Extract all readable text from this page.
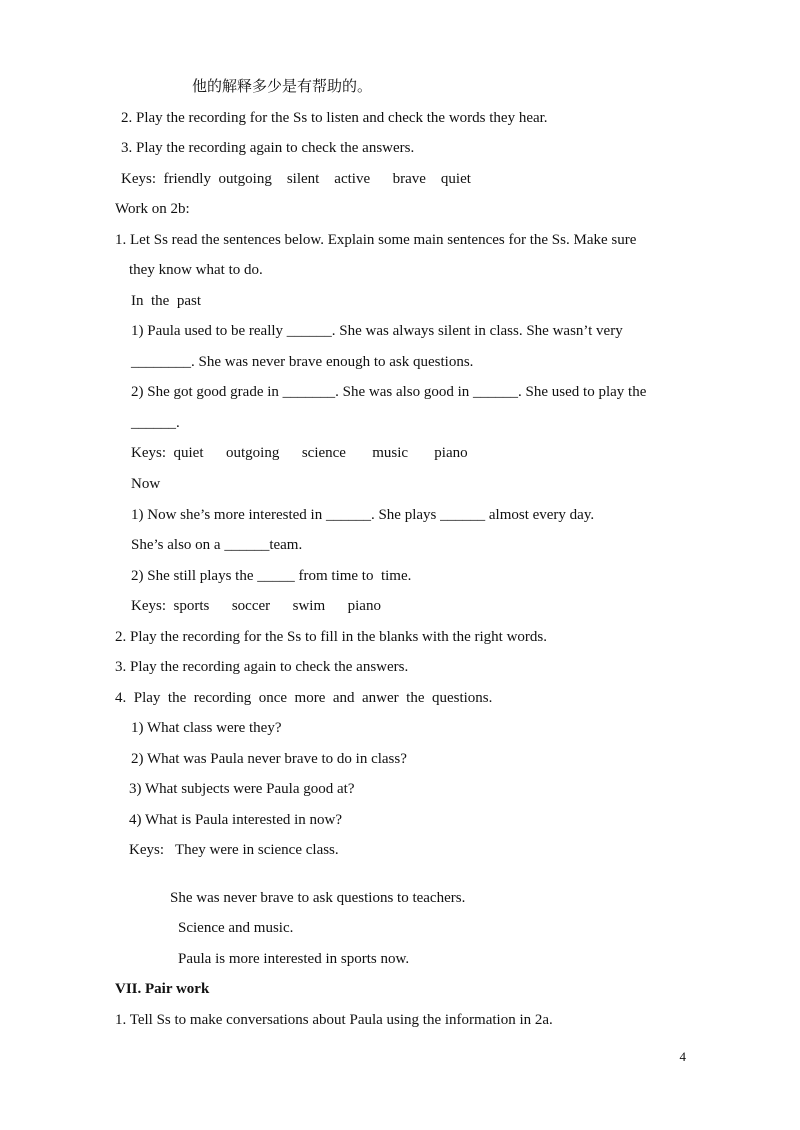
他的解释多少是有帮助的。
2. Play the recording for the Ss to listen and check the words they hear.
3. Play the recording again to check the answers.
Keys:  friendly  outgoing    silent    active      brave    quiet
Work on 2b:
1. Let Ss read the sentences below. Explain some main sentences for the Ss. Make sure
they know what to do.
In  the  past
1) Paula used to be really ______. She was always silent in class. She wasn’t very
________. She was never brave enough to ask questions.
2) She got good grade in _______. She was also good in ______. She used to play the
______.
Keys:  quiet      outgoing      science       music       piano
Now
1) Now she’s more interested in ______. She plays ______ almost every day.
She’s also on a ______team.
2) She still plays the _____ from time to  time.
Keys:  sports      soccer      swim      piano
2. Play the recording for the Ss to fill in the blanks with the right words.
3. Play the recording again to check the answers.
4.  Play  the  recording  once  more  and  anwer  the  questions.
1) What class were they?
2) What was Paula never brave to do in class?
3) What subjects were Paula good at?
4) What is Paula interested in now?
Keys:   They were in science class.
She was never brave to ask questions to teachers.
Science and music.
Paula is more interested in sports now.
VII. Pair work
1. Tell Ss to make conversations about Paula using the information in 2a.
4
